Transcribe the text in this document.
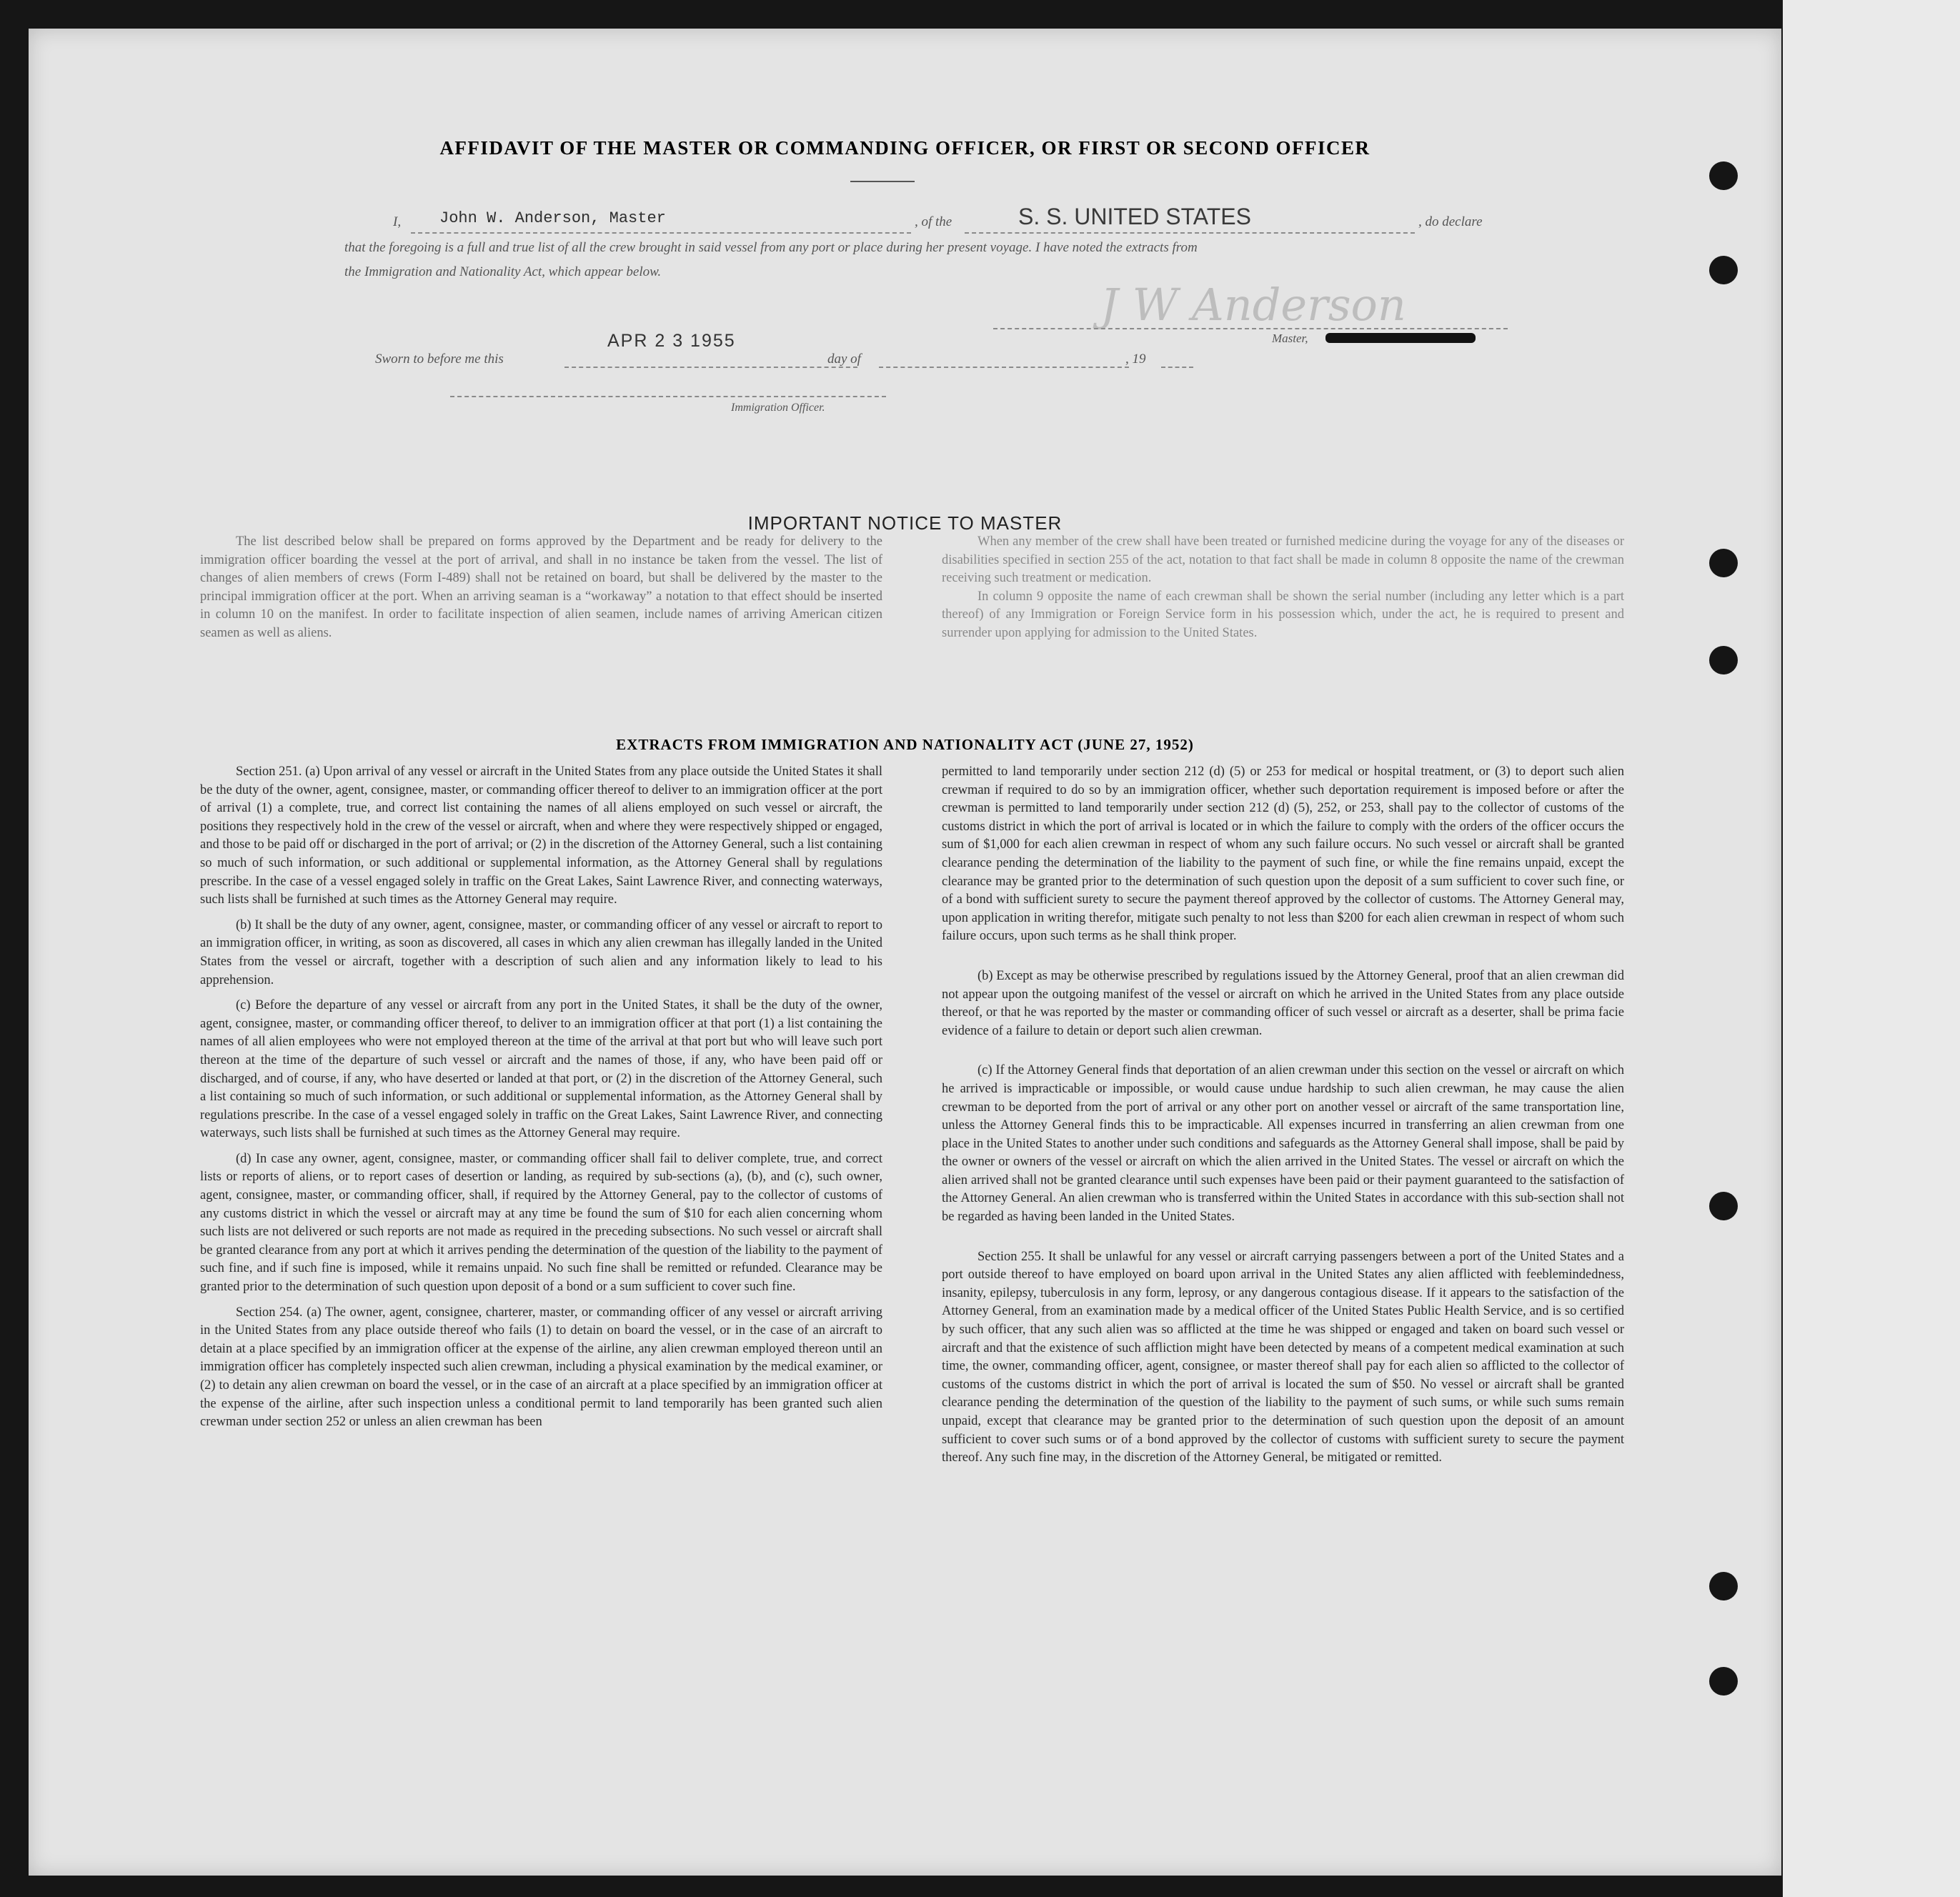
AFFIDAVIT OF THE MASTER OR COMMANDING OFFICER, OR FIRST OR SECOND OFFICER
I, John W. Anderson, Master	, of the	S. S. UNITED STATES	, do declare
that the foregoing is a full and true list of all the crew brought in said vessel from any port or place during her present voyage. I have noted the extracts from
the Immigration and Nationality Act, which appear below.
J W Anderson
Master,
APR 2 3 1955
Sworn to before me this	day of	, 19
Immigration Officer.
IMPORTANT NOTICE TO MASTER

The list described below shall be prepared on forms approved by the Department and be ready for delivery to the immigration officer boarding the vessel at the port of arrival, and shall in no instance be taken from the vessel. The list of changes of alien members of crews (Form I-489) shall not be retained on board, but shall be delivered by the master to the principal immigration officer at the port. When an arriving seaman is a “workaway” a notation to that effect should be inserted in column 10 on the manifest. In order to facilitate inspection of alien seamen, include names of arriving American citizen seamen as well as aliens.

When any member of the crew shall have been treated or furnished medicine during the voyage for any of the diseases or disabilities specified in section 255 of the act, notation to that fact shall be made in column 8 opposite the name of the crewman receiving such treatment or medication.

In column 9 opposite the name of each crewman shall be shown the serial number (including any letter which is a part thereof) of any Immigration or Foreign Service form in his possession which, under the act, he is required to present and surrender upon applying for admission to the United States.

EXTRACTS FROM IMMIGRATION AND NATIONALITY ACT (JUNE 27, 1952)

Section 251. (a) Upon arrival of any vessel or aircraft in the United States from any place outside the United States it shall be the duty of the owner, agent, consignee, master, or commanding officer thereof to deliver to an immigration officer at the port of arrival (1) a complete, true, and correct list containing the names of all aliens employed on such vessel or aircraft, the positions they respectively hold in the crew of the vessel or aircraft, when and where they were respectively shipped or engaged, and those to be paid off or discharged in the port of arrival; or (2) in the discretion of the Attorney General, such a list containing so much of such information, or such additional or supplemental information, as the Attorney General shall by regulations prescribe. In the case of a vessel engaged solely in traffic on the Great Lakes, Saint Lawrence River, and connecting waterways, such lists shall be furnished at such times as the Attorney General may require.

(b) It shall be the duty of any owner, agent, consignee, master, or commanding officer of any vessel or aircraft to report to an immigration officer, in writing, as soon as discovered, all cases in which any alien crewman has illegally landed in the United States from the vessel or aircraft, together with a description of such alien and any information likely to lead to his apprehension.

(c) Before the departure of any vessel or aircraft from any port in the United States, it shall be the duty of the owner, agent, consignee, master, or commanding officer thereof, to deliver to an immigration officer at that port (1) a list containing the names of all alien employees who were not employed thereon at the time of the arrival at that port but who will leave such port thereon at the time of the departure of such vessel or aircraft and the names of those, if any, who have been paid off or discharged, and of course, if any, who have deserted or landed at that port, or (2) in the discretion of the Attorney General, such a list containing so much of such information, or such additional or supplemental information, as the Attorney General shall by regulations prescribe. In the case of a vessel engaged solely in traffic on the Great Lakes, Saint Lawrence River, and connecting waterways, such lists shall be furnished at such times as the Attorney General may require.

(d) In case any owner, agent, consignee, master, or commanding officer shall fail to deliver complete, true, and correct lists or reports of aliens, or to report cases of desertion or landing, as required by sub-sections (a), (b), and (c), such owner, agent, consignee, master, or commanding officer, shall, if required by the Attorney General, pay to the collector of customs of any customs district in which the vessel or aircraft may at any time be found the sum of $10 for each alien concerning whom such lists are not delivered or such reports are not made as required in the preceding subsections. No such vessel or aircraft shall be granted clearance from any port at which it arrives pending the determination of the question of the liability to the payment of such fine, and if such fine is imposed, while it remains unpaid. No such fine shall be remitted or refunded. Clearance may be granted prior to the determination of such question upon deposit of a bond or a sum sufficient to cover such fine.

Section 254. (a) The owner, agent, consignee, charterer, master, or commanding officer of any vessel or aircraft arriving in the United States from any place outside thereof who fails (1) to detain on board the vessel, or in the case of an aircraft to detain at a place specified by an immigration officer at the expense of the airline, any alien crewman employed thereon until an immigration officer has completely inspected such alien crewman, including a physical examination by the medical examiner, or (2) to detain any alien crewman on board the vessel, or in the case of an aircraft at a place specified by an immigration officer at the expense of the airline, after such inspection unless a conditional permit to land temporarily has been granted such alien crewman under section 252 or unless an alien crewman has been

permitted to land temporarily under section 212 (d) (5) or 253 for medical or hospital treatment, or (3) to deport such alien crewman if required to do so by an immigration officer, whether such deportation requirement is imposed before or after the crewman is permitted to land temporarily under section 212 (d) (5), 252, or 253, shall pay to the collector of customs of the customs district in which the port of arrival is located or in which the failure to comply with the orders of the officer occurs the sum of $1,000 for each alien crewman in respect of whom any such failure occurs. No such vessel or aircraft shall be granted clearance pending the determination of the liability to the payment of such fine, or while the fine remains unpaid, except the clearance may be granted prior to the determination of such question upon the deposit of a sum sufficient to cover such fine, or of a bond with sufficient surety to secure the payment thereof approved by the collector of customs. The Attorney General may, upon application in writing therefor, mitigate such penalty to not less than $200 for each alien crewman in respect of whom such failure occurs, upon such terms as he shall think proper.

(b) Except as may be otherwise prescribed by regulations issued by the Attorney General, proof that an alien crewman did not appear upon the outgoing manifest of the vessel or aircraft on which he arrived in the United States from any place outside thereof, or that he was reported by the master or commanding officer of such vessel or aircraft as a deserter, shall be prima facie evidence of a failure to detain or deport such alien crewman.

(c) If the Attorney General finds that deportation of an alien crewman under this section on the vessel or aircraft on which he arrived is impracticable or impossible, or would cause undue hardship to such alien crewman, he may cause the alien crewman to be deported from the port of arrival or any other port on another vessel or aircraft of the same transportation line, unless the Attorney General finds this to be impracticable. All expenses incurred in transferring an alien crewman from one place in the United States to another under such conditions and safeguards as the Attorney General shall impose, shall be paid by the owner or owners of the vessel or aircraft on which the alien arrived in the United States. The vessel or aircraft on which the alien arrived shall not be granted clearance until such expenses have been paid or their payment guaranteed to the satisfaction of the Attorney General. An alien crewman who is transferred within the United States in accordance with this sub-section shall not be regarded as having been landed in the United States.

Section 255. It shall be unlawful for any vessel or aircraft carrying passengers between a port of the United States and a port outside thereof to have employed on board upon arrival in the United States any alien afflicted with feeblemindedness, insanity, epilepsy, tuberculosis in any form, leprosy, or any dangerous contagious disease. If it appears to the satisfaction of the Attorney General, from an examination made by a medical officer of the United States Public Health Service, and is so certified by such officer, that any such alien was so afflicted at the time he was shipped or engaged and taken on board such vessel or aircraft and that the existence of such affliction might have been detected by means of a competent medical examination at such time, the owner, commanding officer, agent, consignee, or master thereof shall pay for each alien so afflicted to the collector of customs of the customs district in which the port of arrival is located the sum of $50. No vessel or aircraft shall be granted clearance pending the determination of the question of the liability to the payment of such sums, or while such sums remain unpaid, except that clearance may be granted prior to the determination of such question upon the deposit of an amount sufficient to cover such sums or of a bond approved by the collector of customs with sufficient surety to secure the payment thereof. Any such fine may, in the discretion of the Attorney General, be mitigated or remitted.
